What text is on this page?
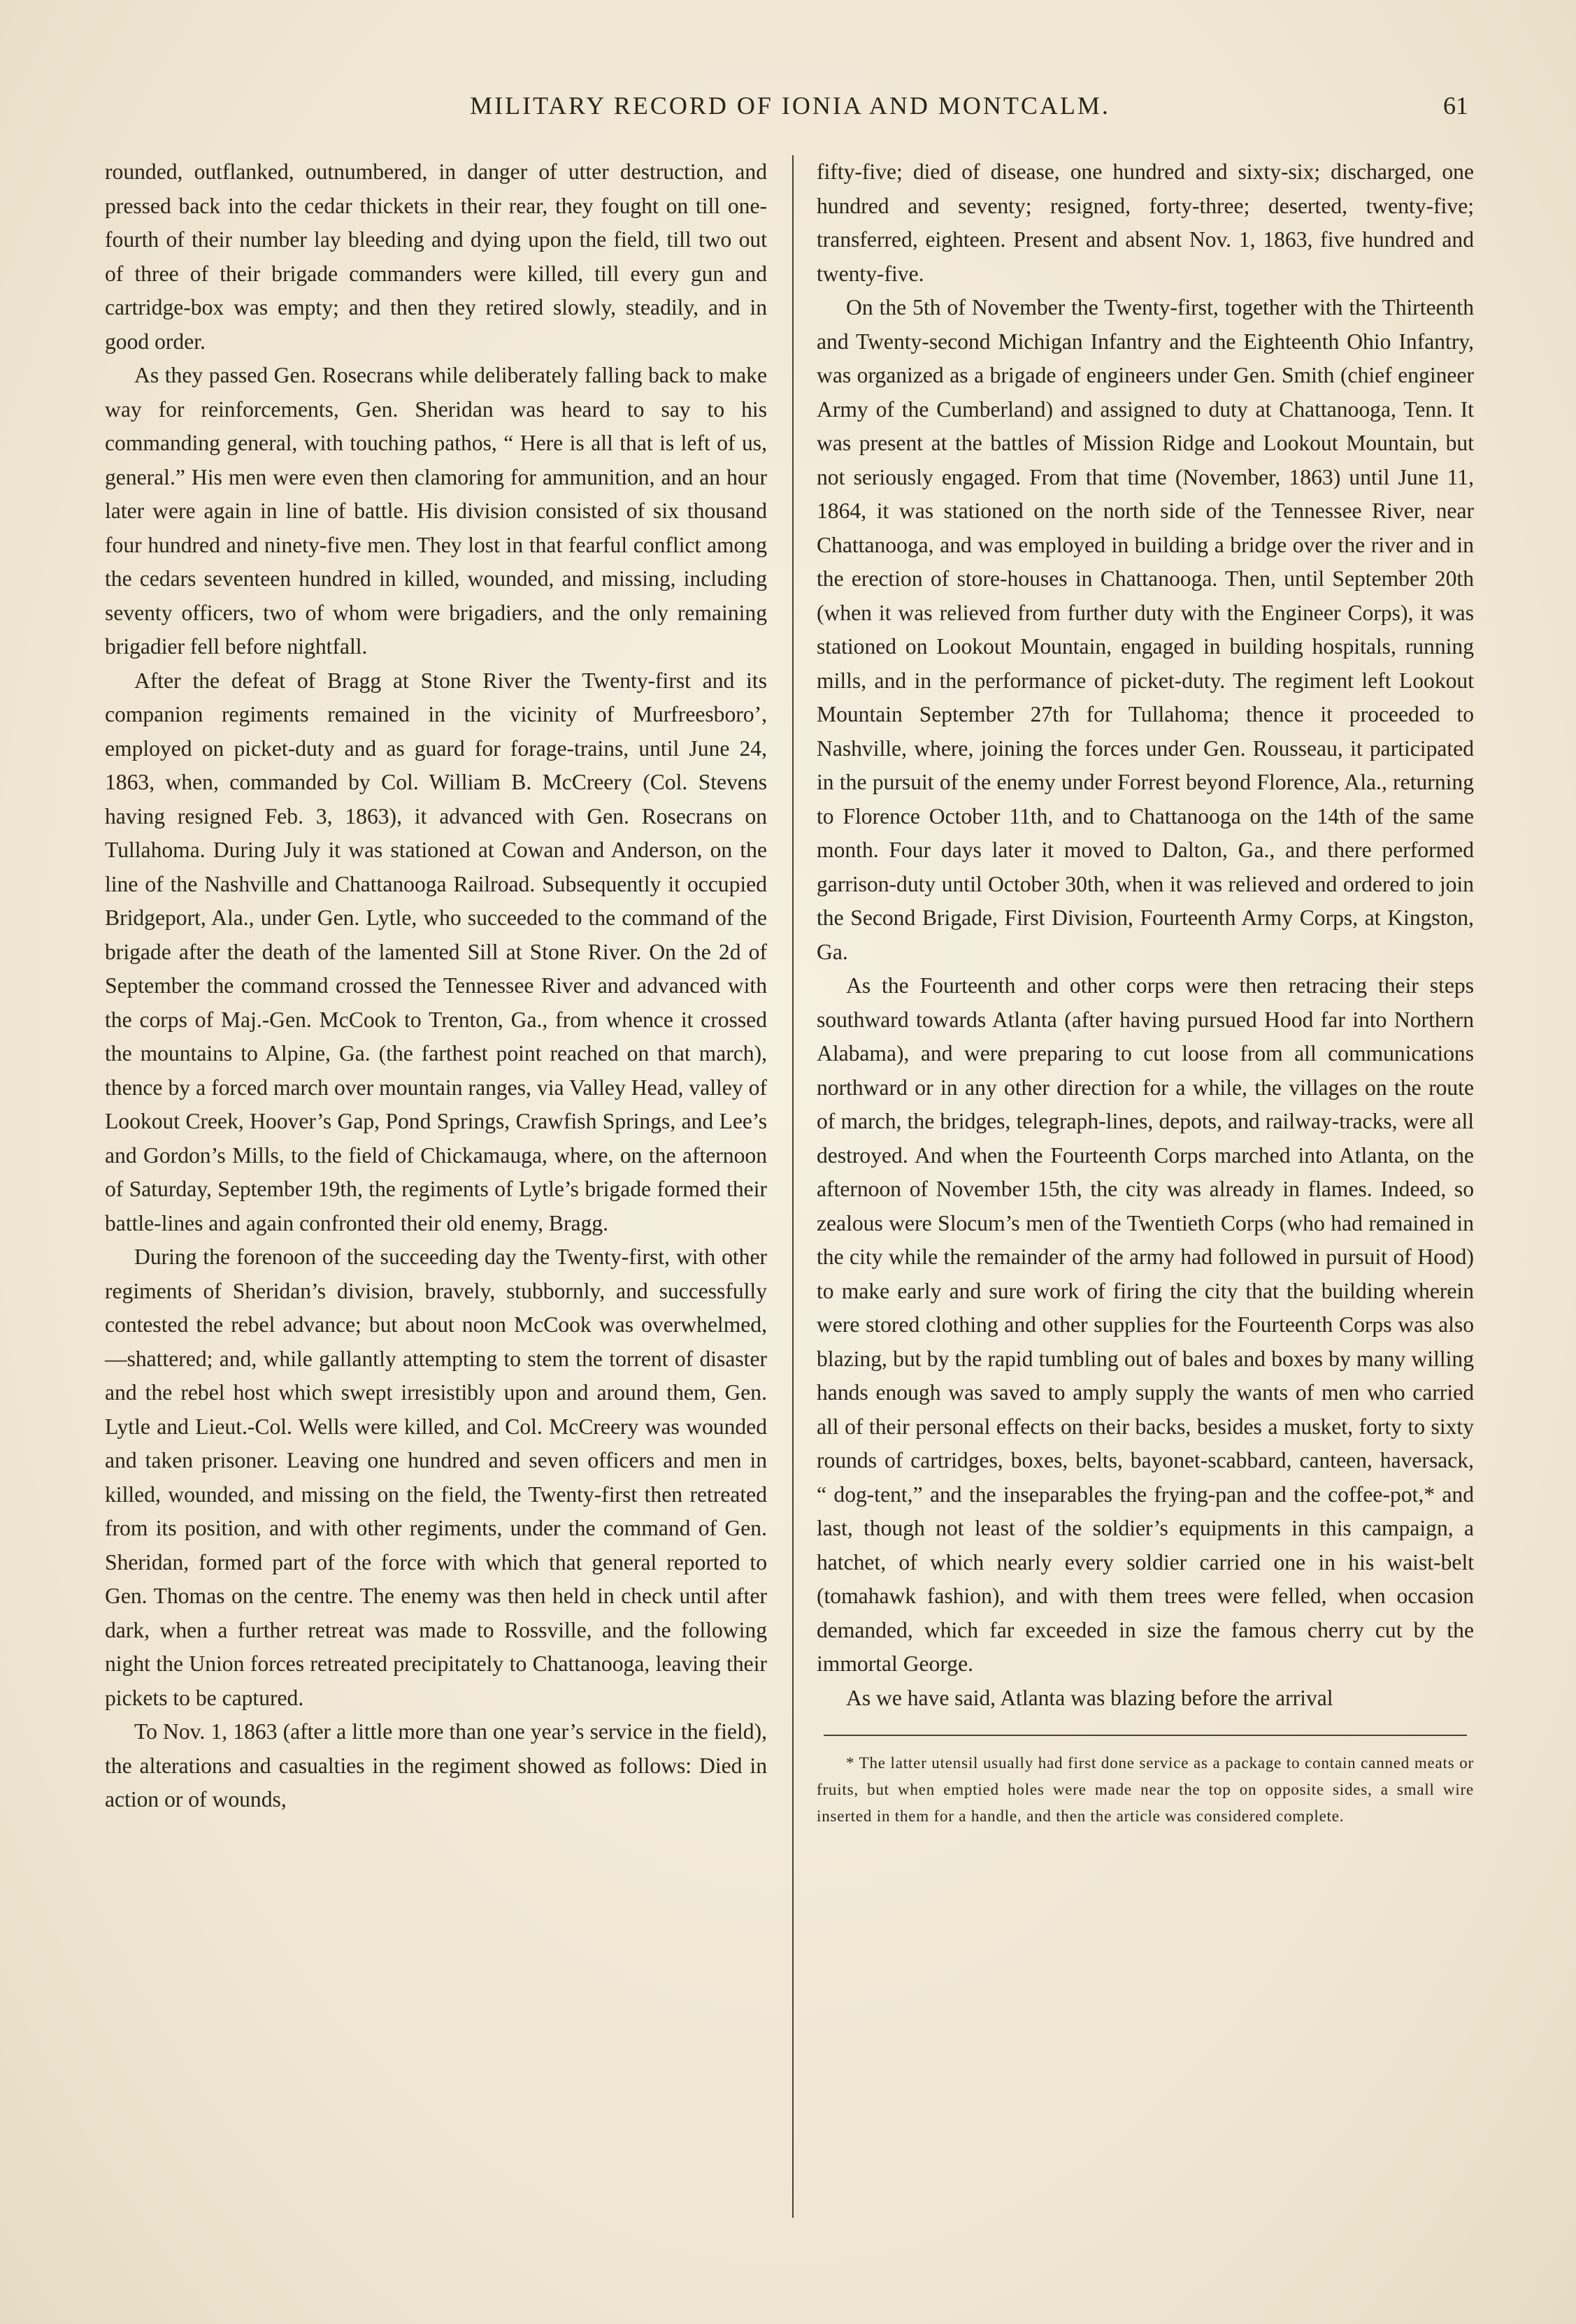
MILITARY RECORD OF IONIA AND MONTCALM.	61

rounded, outflanked, outnumbered, in danger of utter destruction, and pressed back into the cedar thickets in their rear, they fought on till one-fourth of their number lay bleeding and dying upon the field, till two out of three of their brigade commanders were killed, till every gun and cartridge-box was empty; and then they retired slowly, steadily, and in good order.

As they passed Gen. Rosecrans while deliberately falling back to make way for reinforcements, Gen. Sheridan was heard to say to his commanding general, with touching pathos, “ Here is all that is left of us, general.” His men were even then clamoring for ammunition, and an hour later were again in line of battle. His division consisted of six thousand four hundred and ninety-five men. They lost in that fearful conflict among the cedars seventeen hundred in killed, wounded, and missing, including seventy officers, two of whom were brigadiers, and the only remaining brigadier fell before nightfall.

After the defeat of Bragg at Stone River the Twenty-first and its companion regiments remained in the vicinity of Murfreesboro’, employed on picket-duty and as guard for forage-trains, until June 24, 1863, when, commanded by Col. William B. McCreery (Col. Stevens having resigned Feb. 3, 1863), it advanced with Gen. Rosecrans on Tullahoma. During July it was stationed at Cowan and Anderson, on the line of the Nashville and Chattanooga Railroad. Subsequently it occupied Bridgeport, Ala., under Gen. Lytle, who succeeded to the command of the brigade after the death of the lamented Sill at Stone River. On the 2d of September the command crossed the Tennessee River and advanced with the corps of Maj.-Gen. McCook to Trenton, Ga., from whence it crossed the mountains to Alpine, Ga. (the farthest point reached on that march), thence by a forced march over mountain ranges, via Valley Head, valley of Lookout Creek, Hoover’s Gap, Pond Springs, Crawfish Springs, and Lee’s and Gordon’s Mills, to the field of Chickamauga, where, on the afternoon of Saturday, September 19th, the regiments of Lytle’s brigade formed their battle-lines and again confronted their old enemy, Bragg.

During the forenoon of the succeeding day the Twenty-first, with other regiments of Sheridan’s division, bravely, stubbornly, and successfully contested the rebel advance; but about noon McCook was overwhelmed,—shattered; and, while gallantly attempting to stem the torrent of disaster and the rebel host which swept irresistibly upon and around them, Gen. Lytle and Lieut.-Col. Wells were killed, and Col. McCreery was wounded and taken prisoner. Leaving one hundred and seven officers and men in killed, wounded, and missing on the field, the Twenty-first then retreated from its position, and with other regiments, under the command of Gen. Sheridan, formed part of the force with which that general reported to Gen. Thomas on the centre. The enemy was then held in check until after dark, when a further retreat was made to Rossville, and the following night the Union forces retreated precipitately to Chattanooga, leaving their pickets to be captured.

To Nov. 1, 1863 (after a little more than one year’s service in the field), the alterations and casualties in the regiment showed as follows: Died in action or of wounds,

fifty-five; died of disease, one hundred and sixty-six; discharged, one hundred and seventy; resigned, forty-three; deserted, twenty-five; transferred, eighteen. Present and absent Nov. 1, 1863, five hundred and twenty-five.

On the 5th of November the Twenty-first, together with the Thirteenth and Twenty-second Michigan Infantry and the Eighteenth Ohio Infantry, was organized as a brigade of engineers under Gen. Smith (chief engineer Army of the Cumberland) and assigned to duty at Chattanooga, Tenn. It was present at the battles of Mission Ridge and Lookout Mountain, but not seriously engaged. From that time (November, 1863) until June 11, 1864, it was stationed on the north side of the Tennessee River, near Chattanooga, and was employed in building a bridge over the river and in the erection of store-houses in Chattanooga. Then, until September 20th (when it was relieved from further duty with the Engineer Corps), it was stationed on Lookout Mountain, engaged in building hospitals, running mills, and in the performance of picket-duty. The regiment left Lookout Mountain September 27th for Tullahoma; thence it proceeded to Nashville, where, joining the forces under Gen. Rousseau, it participated in the pursuit of the enemy under Forrest beyond Florence, Ala., returning to Florence October 11th, and to Chattanooga on the 14th of the same month. Four days later it moved to Dalton, Ga., and there performed garrison-duty until October 30th, when it was relieved and ordered to join the Second Brigade, First Division, Fourteenth Army Corps, at Kingston, Ga.

As the Fourteenth and other corps were then retracing their steps southward towards Atlanta (after having pursued Hood far into Northern Alabama), and were preparing to cut loose from all communications northward or in any other direction for a while, the villages on the route of march, the bridges, telegraph-lines, depots, and railway-tracks, were all destroyed. And when the Fourteenth Corps marched into Atlanta, on the afternoon of November 15th, the city was already in flames. Indeed, so zealous were Slocum’s men of the Twentieth Corps (who had remained in the city while the remainder of the army had followed in pursuit of Hood) to make early and sure work of firing the city that the building wherein were stored clothing and other supplies for the Fourteenth Corps was also blazing, but by the rapid tumbling out of bales and boxes by many willing hands enough was saved to amply supply the wants of men who carried all of their personal effects on their backs, besides a musket, forty to sixty rounds of cartridges, boxes, belts, bayonet-scabbard, canteen, haversack, “ dog-tent,” and the inseparables the frying-pan and the coffee-pot,* and last, though not least of the soldier’s equipments in this campaign, a hatchet, of which nearly every soldier carried one in his waist-belt (tomahawk fashion), and with them trees were felled, when occasion demanded, which far exceeded in size the famous cherry cut by the immortal George.

As we have said, Atlanta was blazing before the arrival

* The latter utensil usually had first done service as a package to contain canned meats or fruits, but when emptied holes were made near the top on opposite sides, a small wire inserted in them for a handle, and then the article was considered complete.
